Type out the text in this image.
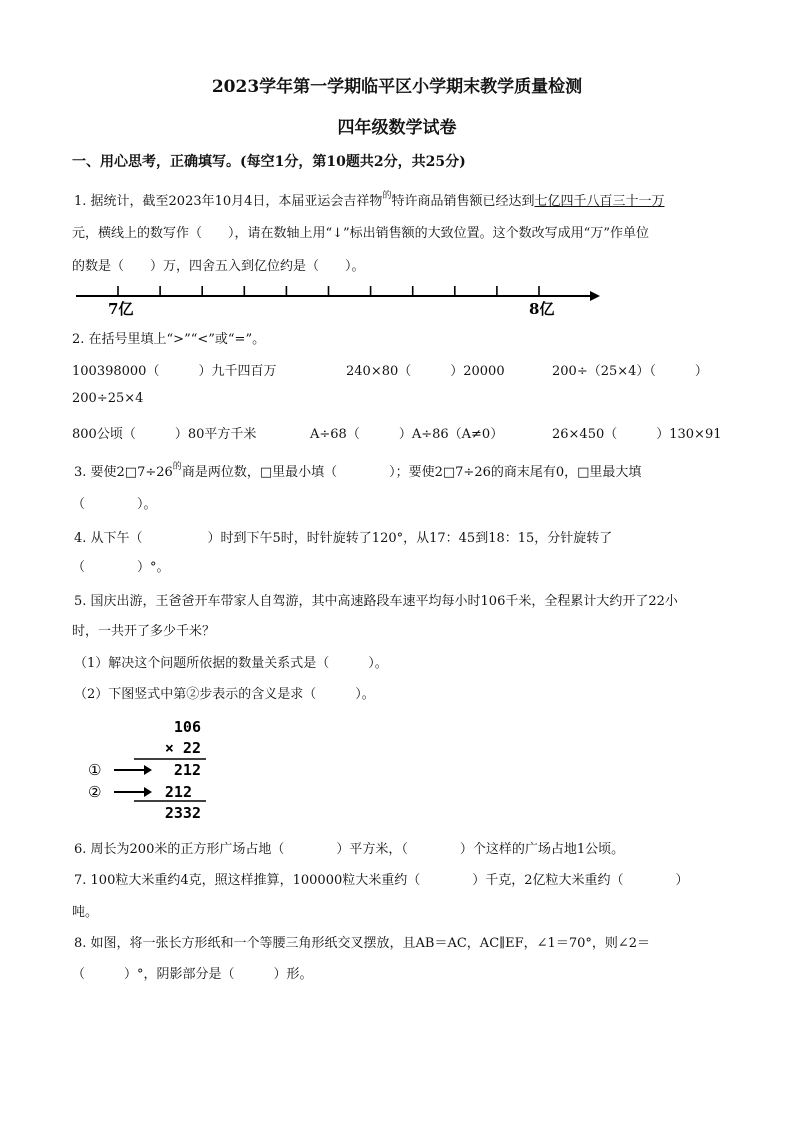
2023学年第一学期临平区小学期末教学质量检测
四年级数学试卷
一、用心思考，正确填写。(每空1分，第10题共2分，共25分)
1. 据统计，截至2023年10月4日，本届亚运会吉祥物$^的$特许商品销售额已经达到七亿四千八百三十一万
元，横线上的数写作（　　），请在数轴上用“↓”标出销售额的大致位置。这个数改写成用“万”作单位
的数是（　　）万，四舍五入到亿位约是（　　）。
7亿	8亿
2. 在括号里填上“>”“<”或“=”。
100398000（　　　）九千四百万	240×80（　　　）20000	200÷（25×4）（　　　）
200÷25×4
800公顷（　　　）80平方千米	A÷68（　　　）A÷86（A≠0）	26×450（　　　）130×91
3. 要使$2□7\div 26^的$商是两位数，□里最小填（　　　　）；要使2□7÷26的商末尾有0，□里最大填
（　　　　）。
4. 从下午（　　　　　）时到下午5时，时针旋转了120°，从17：45到18：15，分针旋转了
（　　　　）°。
5. 国庆出游，王爸爸开车带家人自驾游，其中高速路段车速平均每小时106千米，全程累计大约开了22小
时，一共开了多少千米？
（1）解决这个问题所依据的数量关系式是（　　　）。
（2）下图竖式中第②步表示的含义是求（　　　）。
106
× 22
①	212
②	212
2332
6. 周长为200米的正方形广场占地（　　　　）平方米，（　　　　）个这样的广场占地1公顷。
7. 100粒大米重约4克，照这样推算，100000粒大米重约（　　　　）千克，2亿粒大米重约（　　　　）
吨。
8. 如图，将一张长方形纸和一个等腰三角形纸交叉摆放，且AB＝AC，AC∥EF，∠1＝70°，则∠2＝
（　　　）°，阴影部分是（　　　）形。
